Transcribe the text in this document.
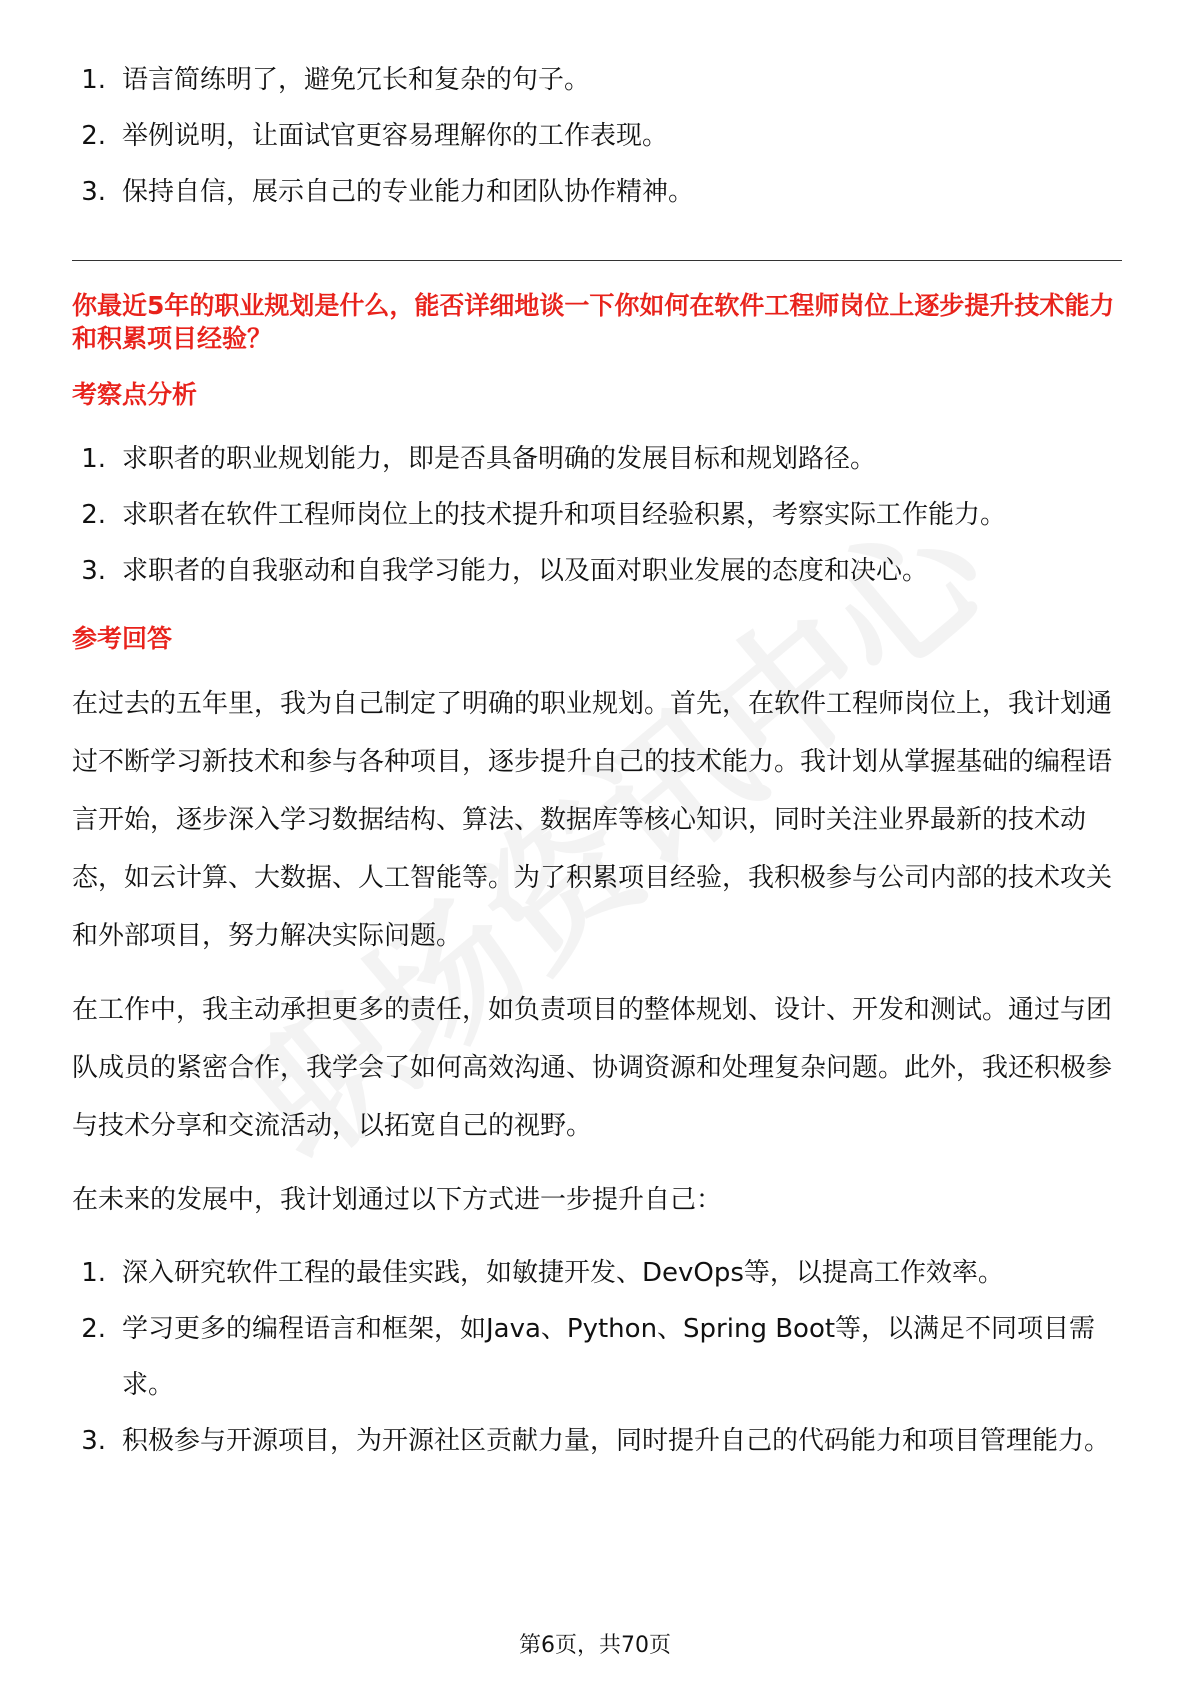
1. 语言简练明了，避免冗长和复杂的句子。
2. 举例说明，让面试官更容易理解你的工作表现。
3. 保持自信，展示自己的专业能力和团队协作精神。
你最近5年的职业规划是什么，能否详细地谈一下你如何在软件工程师岗位上逐步提升技术能力和积累项目经验？
考察点分析
1. 求职者的职业规划能力，即是否具备明确的发展目标和规划路径。
2. 求职者在软件工程师岗位上的技术提升和项目经验积累，考察实际工作能力。
3. 求职者的自我驱动和自我学习能力，以及面对职业发展的态度和决心。
参考回答

在过去的五年里，我为自己制定了明确的职业规划。首先，在软件工程师岗位上，我计划通过不断学习新技术和参与各种项目，逐步提升自己的技术能力。我计划从掌握基础的编程语言开始，逐步深入学习数据结构、算法、数据库等核心知识，同时关注业界最新的技术动态，如云计算、大数据、人工智能等。为了积累项目经验，我积极参与公司内部的技术攻关和外部项目，努力解决实际问题。

在工作中，我主动承担更多的责任，如负责项目的整体规划、设计、开发和测试。通过与团队成员的紧密合作，我学会了如何高效沟通、协调资源和处理复杂问题。此外，我还积极参与技术分享和交流活动，以拓宽自己的视野。

在未来的发展中，我计划通过以下方式进一步提升自己：

1. 深入研究软件工程的最佳实践，如敏捷开发、DevOps等，以提高工作效率。
2. 学习更多的编程语言和框架，如Java、Python、Spring Boot等，以满足不同项目需求。
3. 积极参与开源项目，为开源社区贡献力量，同时提升自己的代码能力和项目管理能力。
第6页，共70页
